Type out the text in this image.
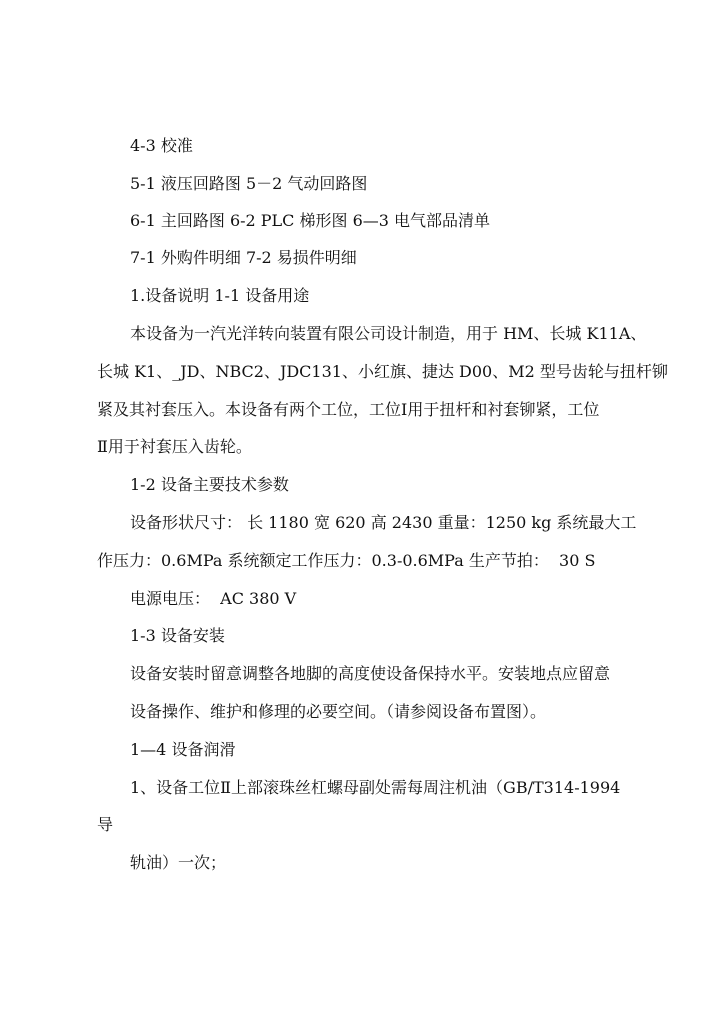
4-3 校准
5-1 液压回路图 5－2 气动回路图
6-1 主回路图 6-2 PLC 梯形图 6—3 电气部品清单
7-1 外购件明细 7-2 易损件明细
1.设备说明 1-1 设备用途
本设备为一汽光洋转向装置有限公司设计制造，用于 HM、长城 K11A、
长城 K1、_JD、NBC2、JDC131、小红旗、捷达 D00、M2 型号齿轮与扭杆铆
紧及其衬套压入。本设备有两个工位，工位Ⅰ用于扭杆和衬套铆紧，工位
Ⅱ用于衬套压入齿轮。
1-2 设备主要技术参数
设备形状尺寸： 长 1180 宽 620 高 2430 重量：1250 kg 系统最大工
作压力：0.6MPa 系统额定工作压力：0.3-0.6MPa 生产节拍：  30 S
电源电压：  AC 380 V
1-3 设备安装
设备安装时留意调整各地脚的高度使设备保持水平。安装地点应留意
设备操作、维护和修理的必要空间。（请参阅设备布置图）。
1—4 设备润滑
1、设备工位Ⅱ上部滚珠丝杠螺母副处需每周注机油（GB/T314-1994
导
轨油）一次；
